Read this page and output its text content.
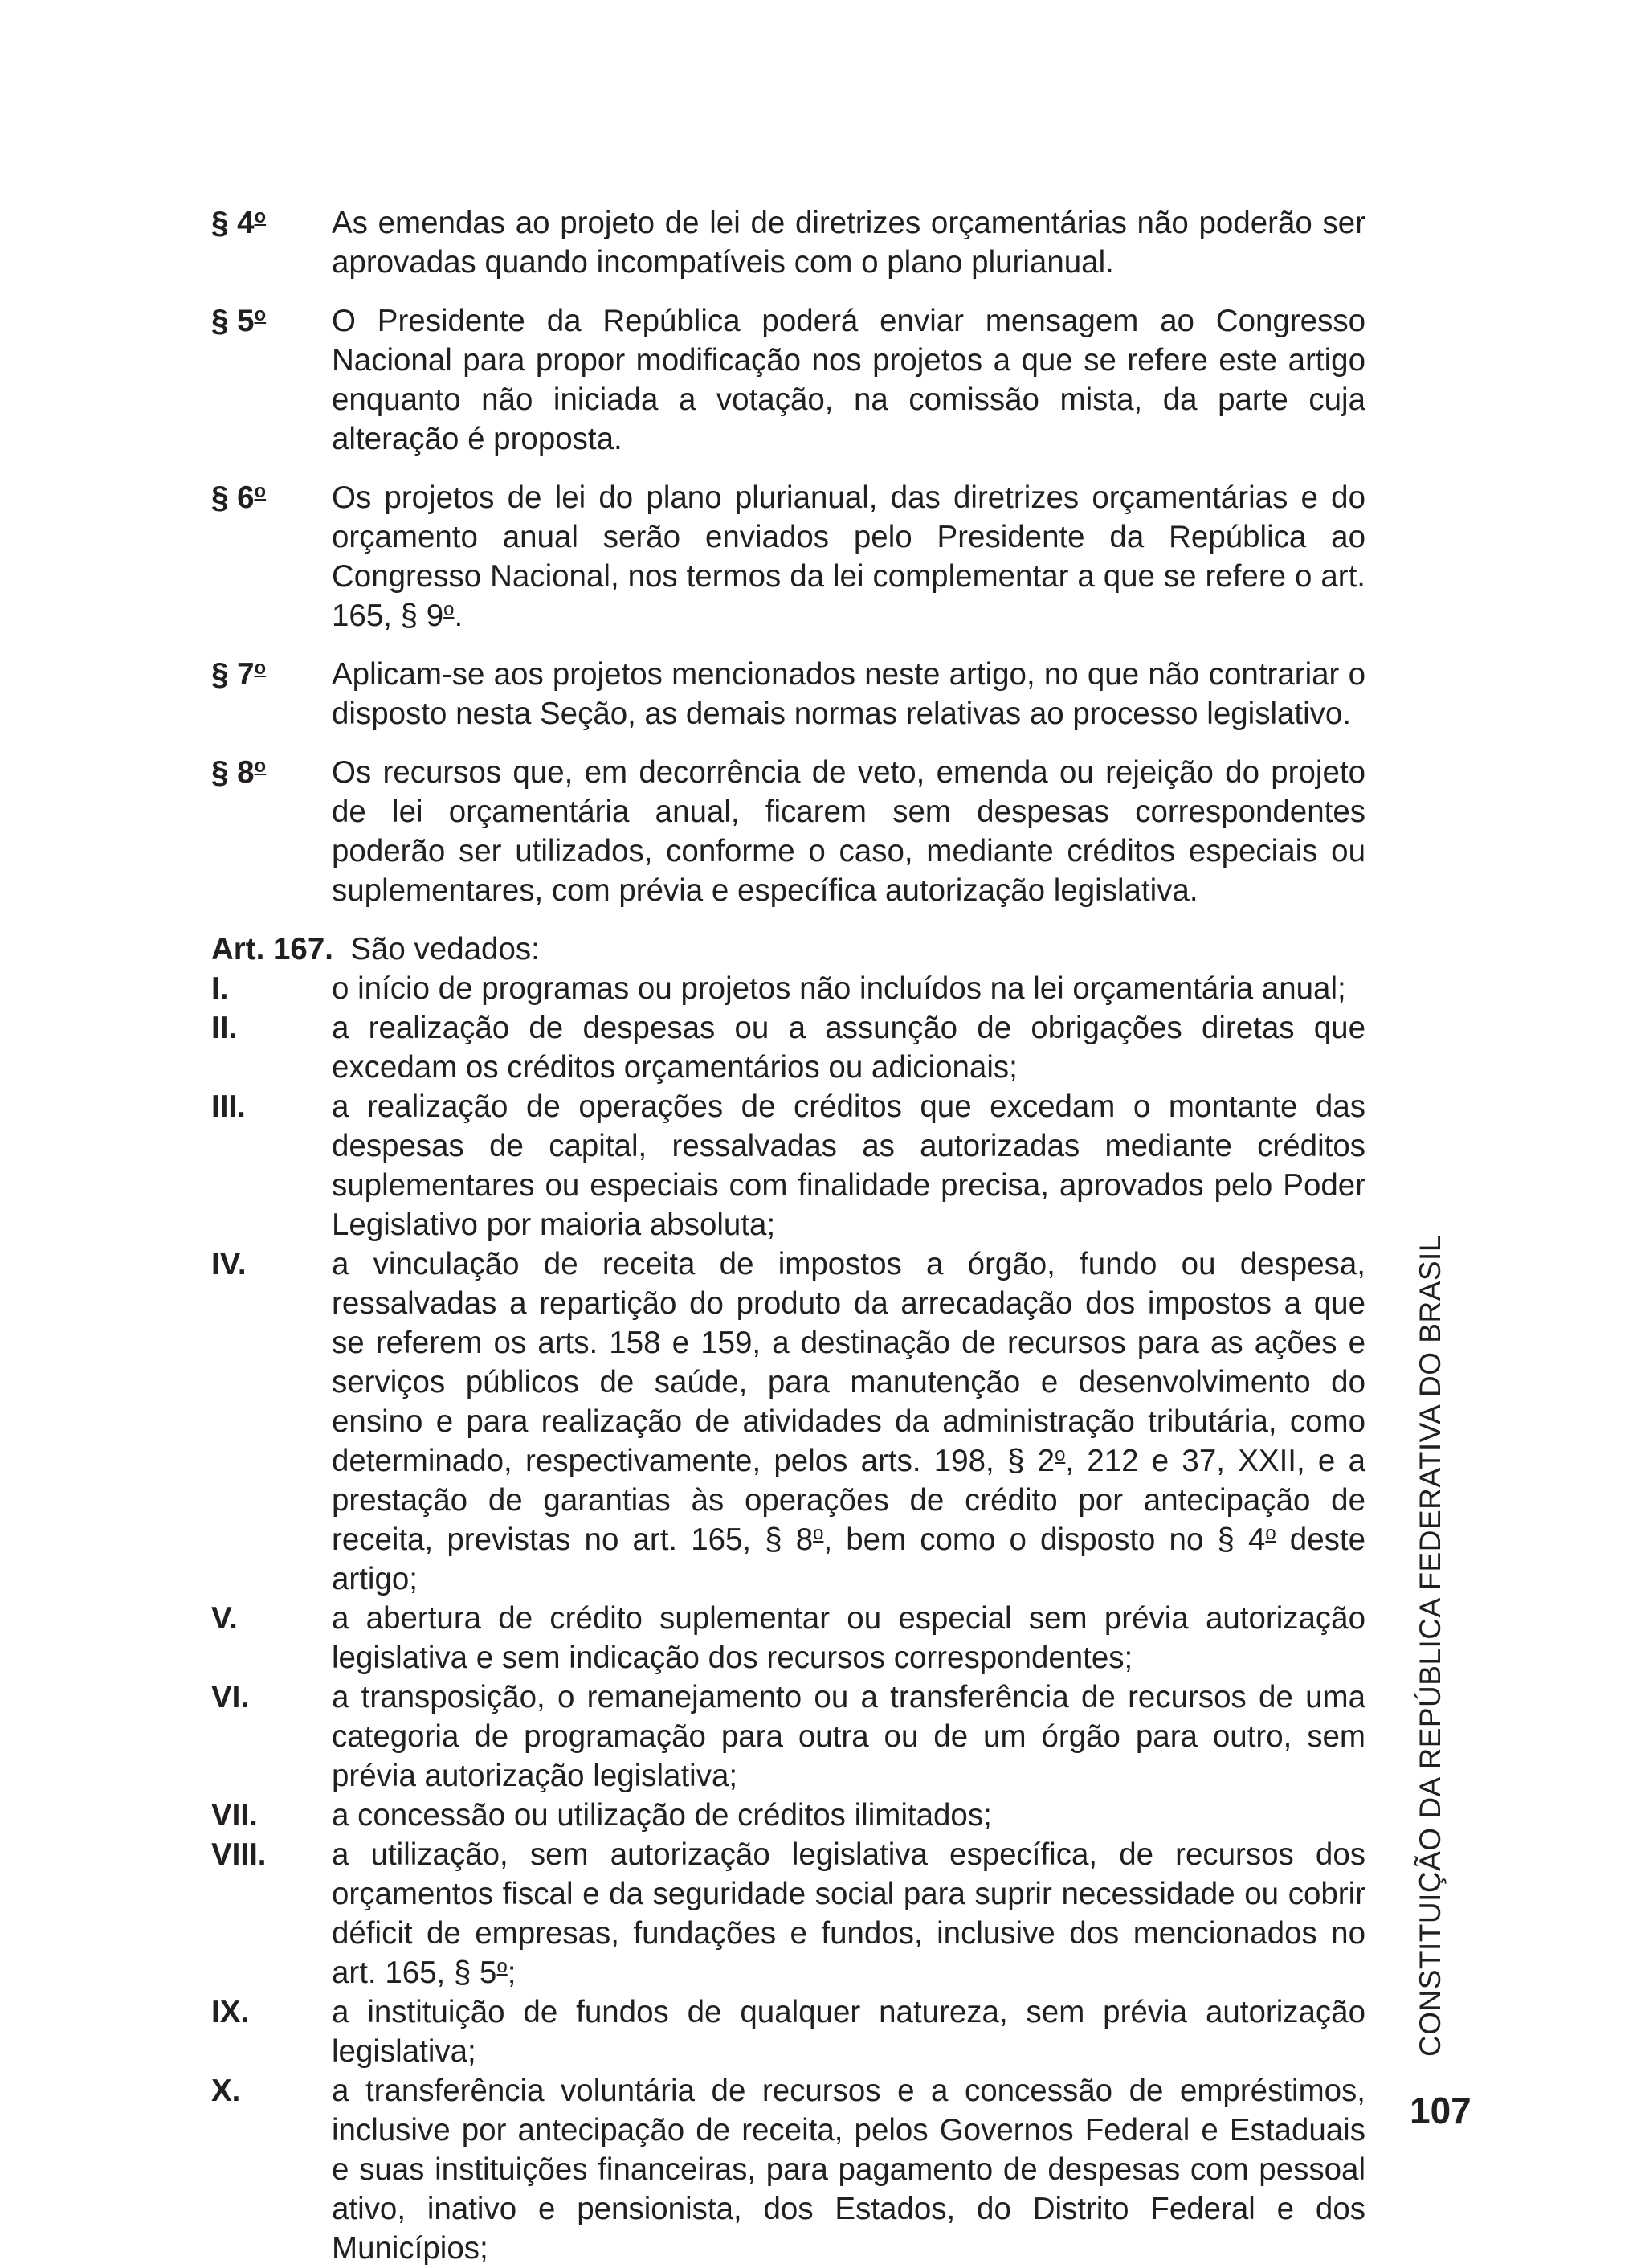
§ 4$^o$	As emendas ao projeto de lei de diretrizes orçamentárias não poderão ser aprovadas quando incompatíveis com o plano plurianual.
§ 5$^o$	O Presidente da República poderá enviar mensagem ao Congresso Nacional para propor modificação nos projetos a que se refere este artigo enquanto não iniciada a votação, na comissão mista, da parte cuja alteração é proposta.
§ 6$^o$	Os projetos de lei do plano plurianual, das diretrizes orçamentárias e do orçamento anual serão enviados pelo Presidente da República ao Congresso Nacional, nos termos da lei complementar a que se refere o art. 165, § 9$^o$.
§ 7$^o$	Aplicam-se aos projetos mencionados neste artigo, no que não contrariar o disposto nesta Seção, as demais normas relativas ao processo legislativo.
§ 8$^o$	Os recursos que, em decorrência de veto, emenda ou rejeição do projeto de lei orçamentária anual, ficarem sem despesas correspondentes poderão ser utilizados, conforme o caso, mediante créditos especiais ou suplementares, com prévia e específica autorização legislativa.
Art. 167. São vedados:
I.	o início de programas ou projetos não incluídos na lei orçamentária anual;
II.	a realização de despesas ou a assunção de obrigações diretas que excedam os créditos orçamentários ou adicionais;
III.	a realização de operações de créditos que excedam o montante das despesas de capital, ressalvadas as autorizadas mediante créditos suplementares ou especiais com finalidade precisa, aprovados pelo Poder Legislativo por maioria absoluta;
IV.	a vinculação de receita de impostos a órgão, fundo ou despesa, ressalvadas a repartição do produto da arrecadação dos impostos a que se referem os arts. 158 e 159, a destinação de recursos para as ações e serviços públicos de saúde, para manutenção e desenvolvimento do ensino e para realização de atividades da administração tributária, como determinado, respectivamente, pelos arts. 198, § 2$^o$, 212 e 37, XXII, e a prestação de garantias às operações de crédito por antecipação de receita, previstas no art. 165, § 8$^o$, bem como o disposto no § 4$^o$ deste artigo;
V.	a abertura de crédito suplementar ou especial sem prévia autorização legislativa e sem indicação dos recursos correspondentes;
VI.	a transposição, o remanejamento ou a transferência de recursos de uma categoria de programação para outra ou de um órgão para outro, sem prévia autorização legislativa;
VII.	a concessão ou utilização de créditos ilimitados;
VIII.	a utilização, sem autorização legislativa específica, de recursos dos orçamentos fiscal e da seguridade social para suprir necessidade ou cobrir déficit de empresas, fundações e fundos, inclusive dos mencionados no art. 165, § 5$^o$;
IX.	a instituição de fundos de qualquer natureza, sem prévia autorização legislativa;
X.	a transferência voluntária de recursos e a concessão de empréstimos, inclusive por antecipação de receita, pelos Governos Federal e Estaduais e suas instituições financeiras, para pagamento de despesas com pessoal ativo, inativo e pensionista, dos Estados, do Distrito Federal e dos Municípios;
CONSTITUIÇÃO DA REPÚBLICA FEDERATIVA DO BRASIL
107
